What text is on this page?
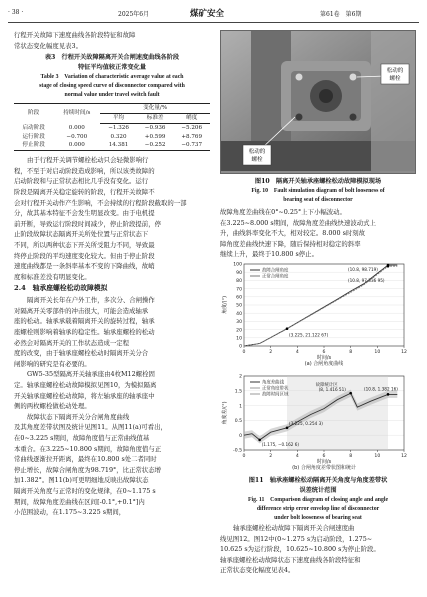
· 38 ·	2025年6月	煤矿安全	第61卷　第6期

行程开关故障下速度曲线各阶段特征和故障

常状态变化幅度见表3。

表3　行程开关故障隔离开关合闸速度曲线各阶段
特征平均值较正常变化量
Table 3　Variation of characteristic average value at each
stage of closing speed curve of disconnector compared with
normal value under travel switch fault
阶段	持续时间/s	变化量/%		
		平均	标准差	峭度
启动阶段	0.000	−1.326	−0.936	−5.206
运行阶段	−0.700	0.320	+0.599	+8.769
停止阶段	0.000	14.381	−0.252	−0.737

由于行程开关调节螺栓松动只会轻微影响行

程，不至于对启动阶段造成影响，所以该类故障的

启动阶段和与正常状态相比几乎没有变化。运行

阶段是隔离开关稳定旋转的阶段，行程开关故障不

会对行程开关动作产生影响，不会持续的行程阶段截取的一部

分，故其基本特征不会发生明显改变。由于电机提

前开断，导致运行阶段时间减少，停止阶段提前，停

止阶段故障状态隔离开关所处位置与正常状态下

不同，所以两种状态下开关所受阻力不同，导致最

终停止阶段的平均速度变化较大。但由于停止阶段

速度曲线都是一条斜率基本不变的下降曲线，故峭

度和标准差没有明显变化。

2.4　轴承座螺栓松动故障模拟

隔离开关长年在户外工作，多次分、合闸操作

对隔离开关零部件的冲击很大，可能会造成轴承

座的松动。轴承承载着隔离开关的旋转过程，轴承

座螺栓则影响着轴承的稳定性。轴承座螺栓的松动

必然会对隔离开关的工作状态造成一定程

度的改变，由于轴承座螺栓松动时隔离开关分合

闸影响的研究是有必要的。

GW5-35型隔离开关轴承座由4枚M12螺栓固

定。轴承座螺栓松动故障模拟见图10，为模拟隔离

开关轴承座螺栓松动故障，将左轴承座的轴承座中

侧的两枚螺栓做松动处理。

故障状态下隔离开关分合闸角度曲线

及其角度差带状图及统计见图11。从图11(a)可看出，

在0~3.225 s期间，故障角度值与正常曲线值基

本重合。在3.225~10.800 s期间，故障角度值与正

常曲线逐渐拉开距离，最终在10.800 s处二者同时

停止增长，故障合闸角度为98.719°，比正常状态增

加1.382°。图11(b)可更明细地反映出故障状态

隔离开关角度与正常时的变化规律，在0~1.175 s

期间，故障角度差曲线在区间[-0.1°,+0.1°]内

小范围波动，在1.175~3.225 s期间，

松动的
螺栓
松动的
螺栓
图10　隔离开关轴承座螺栓松动故障模拟现场
Fig. 10　Fault simulation diagram of bolt looseness of
bearing seat of disconnector

故障角度差曲线在0°~0.25°上下小幅波动。

在3.225~8.000 s期间，故障角度差曲线快速波动式上

升，曲线斜率变化不大，相对较定。8.000 s时刻故

障角度差曲线快速下降，随后保持相对稳定的斜率

继续上升，最终于10.800 s停止。

0
10
20
30
40
50
60
70
80
90
100
0	2	4	6	8	10	12
时间/s
角度/(°)
(a) 合闸角度曲线
故障合闸角度
正常合闸角度
(10.8, 98.719)
(10.8, 97.336 95)
(3.225, 21.122 67)
-0.5
0
0.5
1
1.5
2
0	2	4	6	8	10	12
时间/s
角度差/(°)
(b) 合闸角度差带状图和统计
角度差曲线
正常角度带状
故障时间区域
(8, 1.416 51)	(10.8, 1.382 16)
(1.175, −0.162 6)
(3.225, 0.254 3)
故障统计区
图11　轴承座螺栓松动隔离开关角度与角度差带状
误差统计范围
Fig. 11　Comparison diagram of closing angle and angle
difference strip error envelop line of disconnector
under bolt looseness of bearing seat

轴承座螺栓松动故障下隔离开关合闸速度曲

线见图12。图12中(0~1.275 s为启动阶段，1.275~

10.625 s为运行阶段，10.625~10.800 s为停止阶段。

轴承座螺栓松动故障状态下速度曲线各阶段特征和

正常状态变化幅度见表4。
